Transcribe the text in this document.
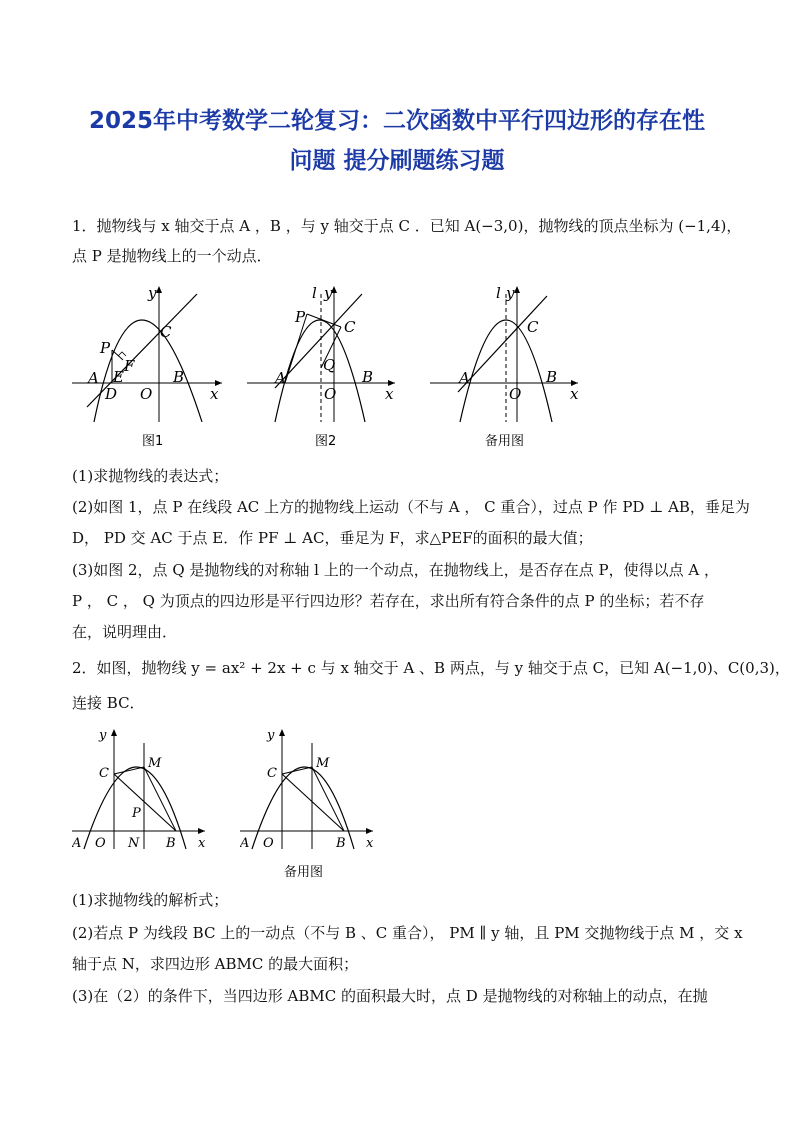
2025年中考数学二轮复习：二次函数中平行四边形的存在性
问题 提分刷题练习题
1．抛物线与 x 轴交于点 A ，B ，与 y 轴交于点 C ．已知 A(−3,0)，抛物线的顶点坐标为 (−1,4)，
点 P 是抛物线上的一个动点．
y
x
O
A	B
C
D
E
F
P
图1
y
l
x
O
A	B
C
P
Q
图2
y
l
x
O
A	B
C
备用图
(1)求抛物线的表达式；
(2)如图 1，点 P 在线段 AC 上方的抛物线上运动（不与 A ， C 重合），过点 P 作 PD ⊥ AB，垂足为
D， PD 交 AC 于点 E．作 PF ⊥ AC，垂足为 F，求△PEF的面积的最大值；
(3)如图 2，点 Q 是抛物线的对称轴 l 上的一个动点，在抛物线上，是否存在点 P，使得以点 A ，
P ， C ， Q 为顶点的四边形是平行四边形？若存在，求出所有符合条件的点 P 的坐标；若不存
在，说明理由．
2．如图，抛物线 y = ax² + 2x + c 与 x 轴交于 A 、B 两点，与 y 轴交于点 C，已知 A(−1,0)、C(0,3)，
连接 BC．
y
x
A O N B
C
M
P
y
x
A O	B
C
M
备用图
(1)求抛物线的解析式；
(2)若点 P 为线段 BC 上的一动点（不与 B 、C 重合）， PM ∥ y 轴，且 PM 交抛物线于点 M ，交 x
轴于点 N，求四边形 ABMC 的最大面积；
(3)在（2）的条件下，当四边形 ABMC 的面积最大时，点 D 是抛物线的对称轴上的动点，在抛
